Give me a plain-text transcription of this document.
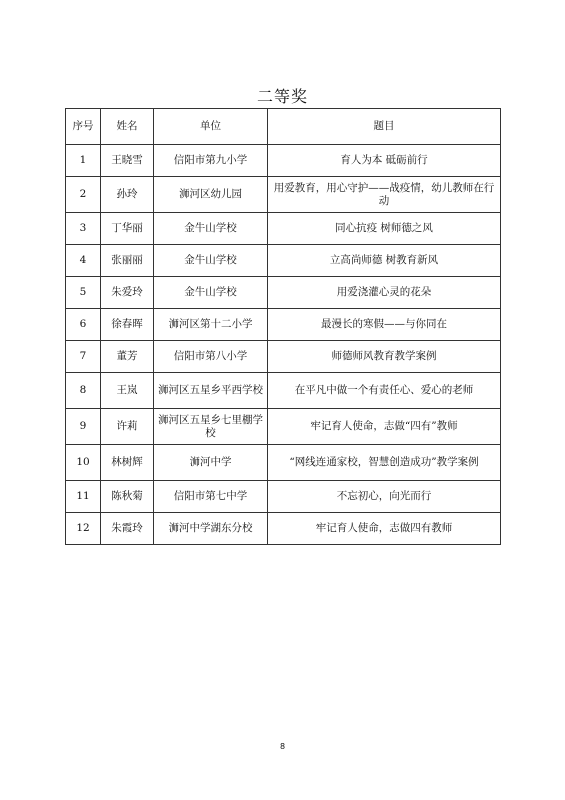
二等奖
序号	姓名	单位	题目
1	王晓雪	信阳市第九小学	育人为本 砥砺前行
2	孙玲	浉河区幼儿园	用爱教育，用心守护——战疫情，幼儿教师在行动
3	丁华丽	金牛山学校	同心抗疫 树师德之风
4	张丽丽	金牛山学校	立高尚师德 树教育新风
5	朱爱玲	金牛山学校	用爱浇灌心灵的花朵
6	徐春晖	浉河区第十二小学	最漫长的寒假——与你同在
7	董芳	信阳市第八小学	师德师风教育教学案例
8	王岚	浉河区五星乡平西学校	在平凡中做一个有责任心、爱心的老师
9	许莉	浉河区五星乡七里棚学校	牢记育人使命，志做“四有”教师
10	林树辉	浉河中学	“网线连通家校，智慧创造成功”教学案例
11	陈秋菊	信阳市第七中学	不忘初心，向光而行
12	朱霞玲	浉河中学湖东分校	牢记育人使命，志做四有教师
8
